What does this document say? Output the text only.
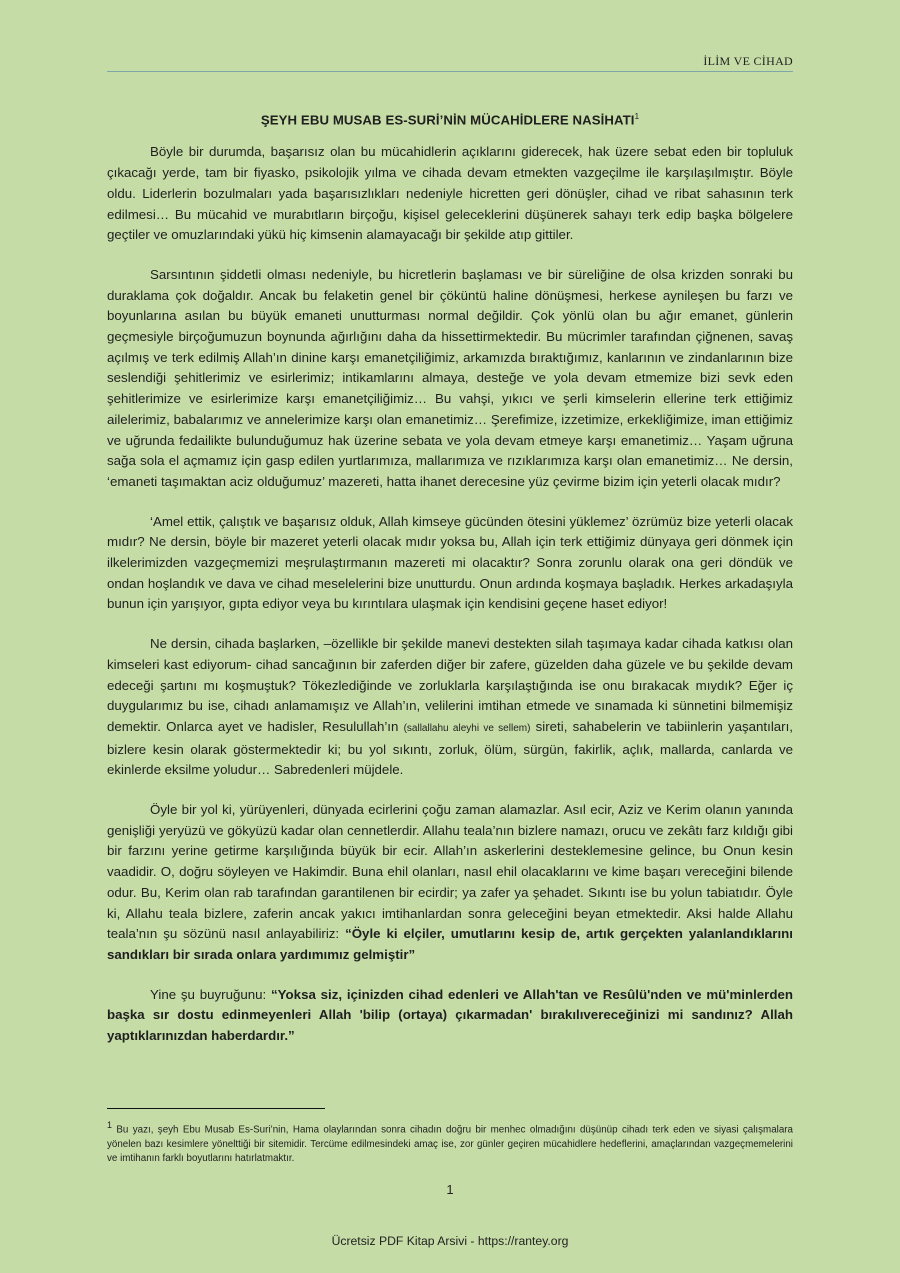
İLİM VE CİHAD
ŞEYH EBU MUSAB ES-SURİ’NİN MÜCAHİDLERE NASİHATI$^1$

Böyle bir durumda, başarısız olan bu mücahidlerin açıklarını giderecek, hak üzere sebat eden bir topluluk çıkacağı yerde, tam bir fiyasko, psikolojik yılma ve cihada devam etmekten vazgeçilme ile karşılaşılmıştır. Böyle oldu. Liderlerin bozulmaları yada başarısızlıkları nedeniyle hicretten geri dönüşler, cihad ve ribat sahasının terk edilmesi… Bu mücahid ve murabıtların birçoğu, kişisel geleceklerini düşünerek sahayı terk edip başka bölgelere geçtiler ve omuzlarındaki yükü hiç kimsenin alamayacağı bir şekilde atıp gittiler.

Sarsıntının şiddetli olması nedeniyle, bu hicretlerin başlaması ve bir süreliğine de olsa krizden sonraki bu duraklama çok doğaldır. Ancak bu felaketin genel bir çöküntü haline dönüşmesi, herkese aynileşen bu farzı ve boyunlarına asılan bu büyük emaneti unutturması normal değildir. Çok yönlü olan bu ağır emanet, günlerin geçmesiyle birçoğumuzun boynunda ağırlığını daha da hissettirmektedir. Bu mücrimler tarafından çiğnenen, savaş açılmış ve terk edilmiş Allah’ın dinine karşı emanetçiliğimiz, arkamızda bıraktığımız, kanlarının ve zindanlarının bize seslendiği şehitlerimiz ve esirlerimiz; intikamlarını almaya, desteğe ve yola devam etmemize bizi sevk eden şehitlerimize ve esirlerimize karşı emanetçiliğimiz… Bu vahşi, yıkıcı ve şerli kimselerin ellerine terk ettiğimiz ailelerimiz, babalarımız ve annelerimize karşı olan emanetimiz… Şerefimize, izzetimize, erkekliğimize, iman ettiğimiz ve uğrunda fedailikte bulunduğumuz hak üzerine sebata ve yola devam etmeye karşı emanetimiz… Yaşam uğruna sağa sola el açmamız için gasp edilen yurtlarımıza, mallarımıza ve rızıklarımıza karşı olan emanetimiz… Ne dersin, ‘emaneti taşımaktan aciz olduğumuz’ mazereti, hatta ihanet derecesine yüz çevirme bizim için yeterli olacak mıdır?

‘Amel ettik, çalıştık ve başarısız olduk, Allah kimseye gücünden ötesini yüklemez’ özrümüz bize yeterli olacak mıdır? Ne dersin, böyle bir mazeret yeterli olacak mıdır yoksa bu, Allah için terk ettiğimiz dünyaya geri dönmek için ilkelerimizden vazgeçmemizi meşrulaştırmanın mazereti mi olacaktır? Sonra zorunlu olarak ona geri döndük ve ondan hoşlandık ve dava ve cihad meselelerini bize unutturdu. Onun ardında koşmaya başladık. Herkes arkadaşıyla bunun için yarışıyor, gıpta ediyor veya bu kırıntılara ulaşmak için kendisini geçene haset ediyor!

Ne dersin, cihada başlarken, –özellikle bir şekilde manevi destekten silah taşımaya kadar cihada katkısı olan kimseleri kast ediyorum- cihad sancağının bir zaferden diğer bir zafere, güzelden daha güzele ve bu şekilde devam edeceği şartını mı koşmuştuk? Tökezlediğinde ve zorluklarla karşılaştığında ise onu bırakacak mıydık? Eğer iç duygularımız bu ise, cihadı anlamamışız ve Allah’ın, velilerini imtihan etmede ve sınamada ki sünnetini bilmemişiz demektir. Onlarca ayet ve hadisler, Resulullah’ın (sallallahu aleyhi ve sellem) sireti, sahabelerin ve tabiinlerin yaşantıları, bizlere kesin olarak göstermektedir ki; bu yol sıkıntı, zorluk, ölüm, sürgün, fakirlik, açlık, mallarda, canlarda ve ekinlerde eksilme yoludur… Sabredenleri müjdele.

Öyle bir yol ki, yürüyenleri, dünyada ecirlerini çoğu zaman alamazlar. Asıl ecir, Aziz ve Kerim olanın yanında genişliği yeryüzü ve gökyüzü kadar olan cennetlerdir. Allahu teala’nın bizlere namazı, orucu ve zekâtı farz kıldığı gibi bir farzını yerine getirme karşılığında büyük bir ecir. Allah’ın askerlerini desteklemesine gelince, bu Onun kesin vaadidir. O, doğru söyleyen ve Hakimdir. Buna ehil olanları, nasıl ehil olacaklarını ve kime başarı vereceğini bilende odur. Bu, Kerim olan rab tarafından garantilenen bir ecirdir; ya zafer ya şehadet. Sıkıntı ise bu yolun tabiatıdır. Öyle ki, Allahu teala bizlere, zaferin ancak yakıcı imtihanlardan sonra geleceğini beyan etmektedir. Aksi halde Allahu teala’nın şu sözünü nasıl anlayabiliriz: “Öyle ki elçiler, umutlarını kesip de, artık gerçekten yalanlandıklarını sandıkları bir sırada onlara yardımımız gelmiştir”

Yine şu buyruğunu: “Yoksa siz, içinizden cihad edenleri ve Allah'tan ve Resûlü'nden ve mü'minlerden başka sır dostu edinmeyenleri Allah 'bilip (ortaya) çıkarmadan' bırakılıvereceğinizi mi sandınız? Allah yaptıklarınızdan haberdardır.”

$^1$ Bu yazı, şeyh Ebu Musab Es-Suri’nin, Hama olaylarından sonra cihadın doğru bir menhec olmadığını düşünüp cihadı terk eden ve siyasi çalışmalara yönelen bazı kesimlere yönelttiği bir sitemidir. Tercüme edilmesindeki amaç ise, zor günler geçiren mücahidlere hedeflerini, amaçlarından vazgeçmemelerini ve imtihanın farklı boyutlarını hatırlatmaktır.
1
Ücretsiz PDF Kitap Arsivi - https://rantey.org
